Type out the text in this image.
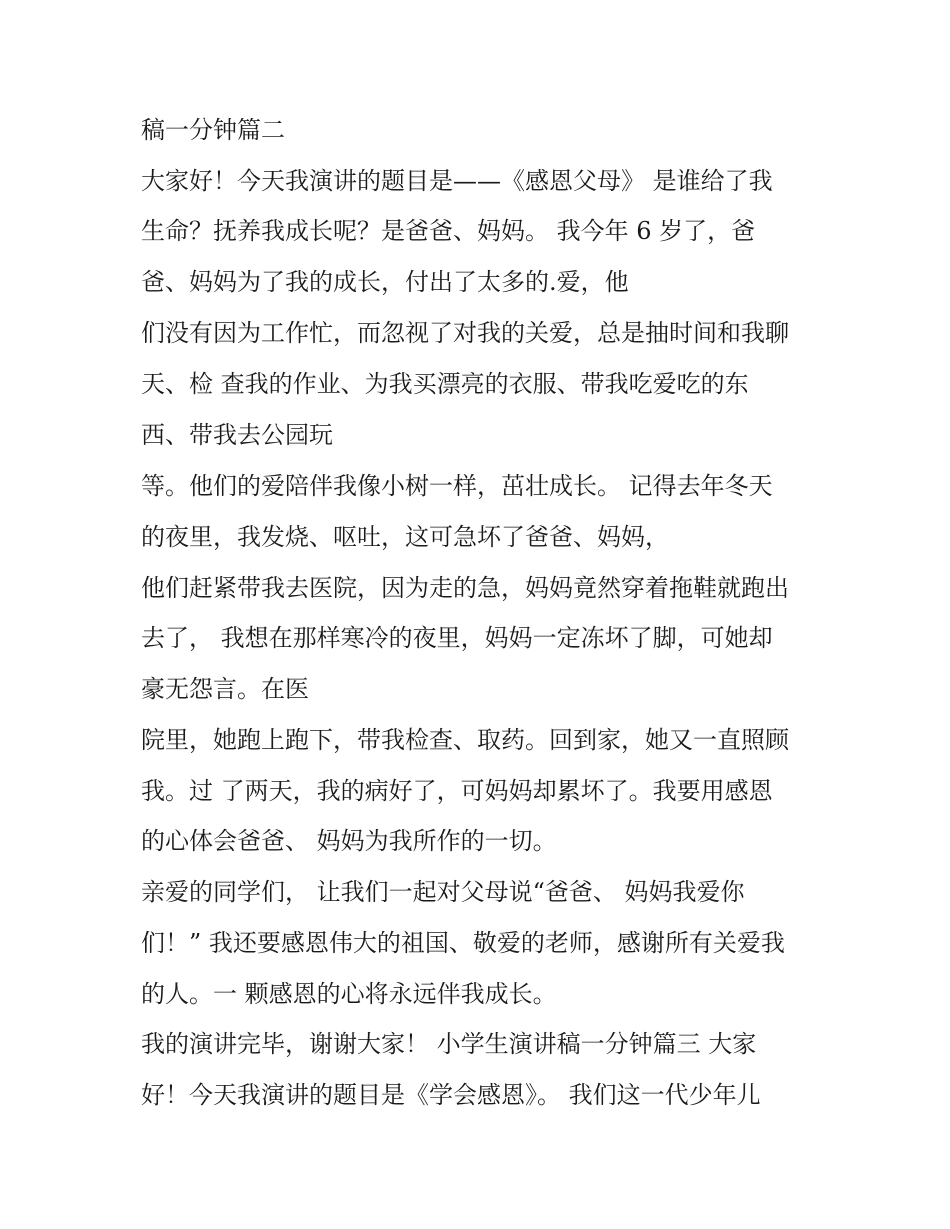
稿一分钟篇二

大家好！今天我演讲的题目是——《感恩父母》 是谁给了我

生命？抚养我成长呢？是爸爸、妈妈。 我今年 6 岁了，爸

爸、妈妈为了我的成长，付出了太多的.爱，他

们没有因为工作忙，而忽视了对我的关爱，总是抽时间和我聊

天、检 查我的作业、为我买漂亮的衣服、带我吃爱吃的东

西、带我去公园玩

等。他们的爱陪伴我像小树一样，茁壮成长。 记得去年冬天

的夜里，我发烧、呕吐，这可急坏了爸爸、妈妈，

他们赶紧带我去医院，因为走的急，妈妈竟然穿着拖鞋就跑出

去了， 我想在那样寒冷的夜里，妈妈一定冻坏了脚，可她却

豪无怨言。在医

院里，她跑上跑下，带我检查、取药。回到家，她又一直照顾

我。过 了两天，我的病好了，可妈妈却累坏了。我要用感恩

的心体会爸爸、 妈妈为我所作的一切。

亲爱的同学们， 让我们一起对父母说“爸爸、 妈妈我爱你

们！” 我还要感恩伟大的祖国、敬爱的老师，感谢所有关爱我

的人。一 颗感恩的心将永远伴我成长。

我的演讲完毕，谢谢大家！ 小学生演讲稿一分钟篇三 大家

好！今天我演讲的题目是《学会感恩》。 我们这一代少年儿
